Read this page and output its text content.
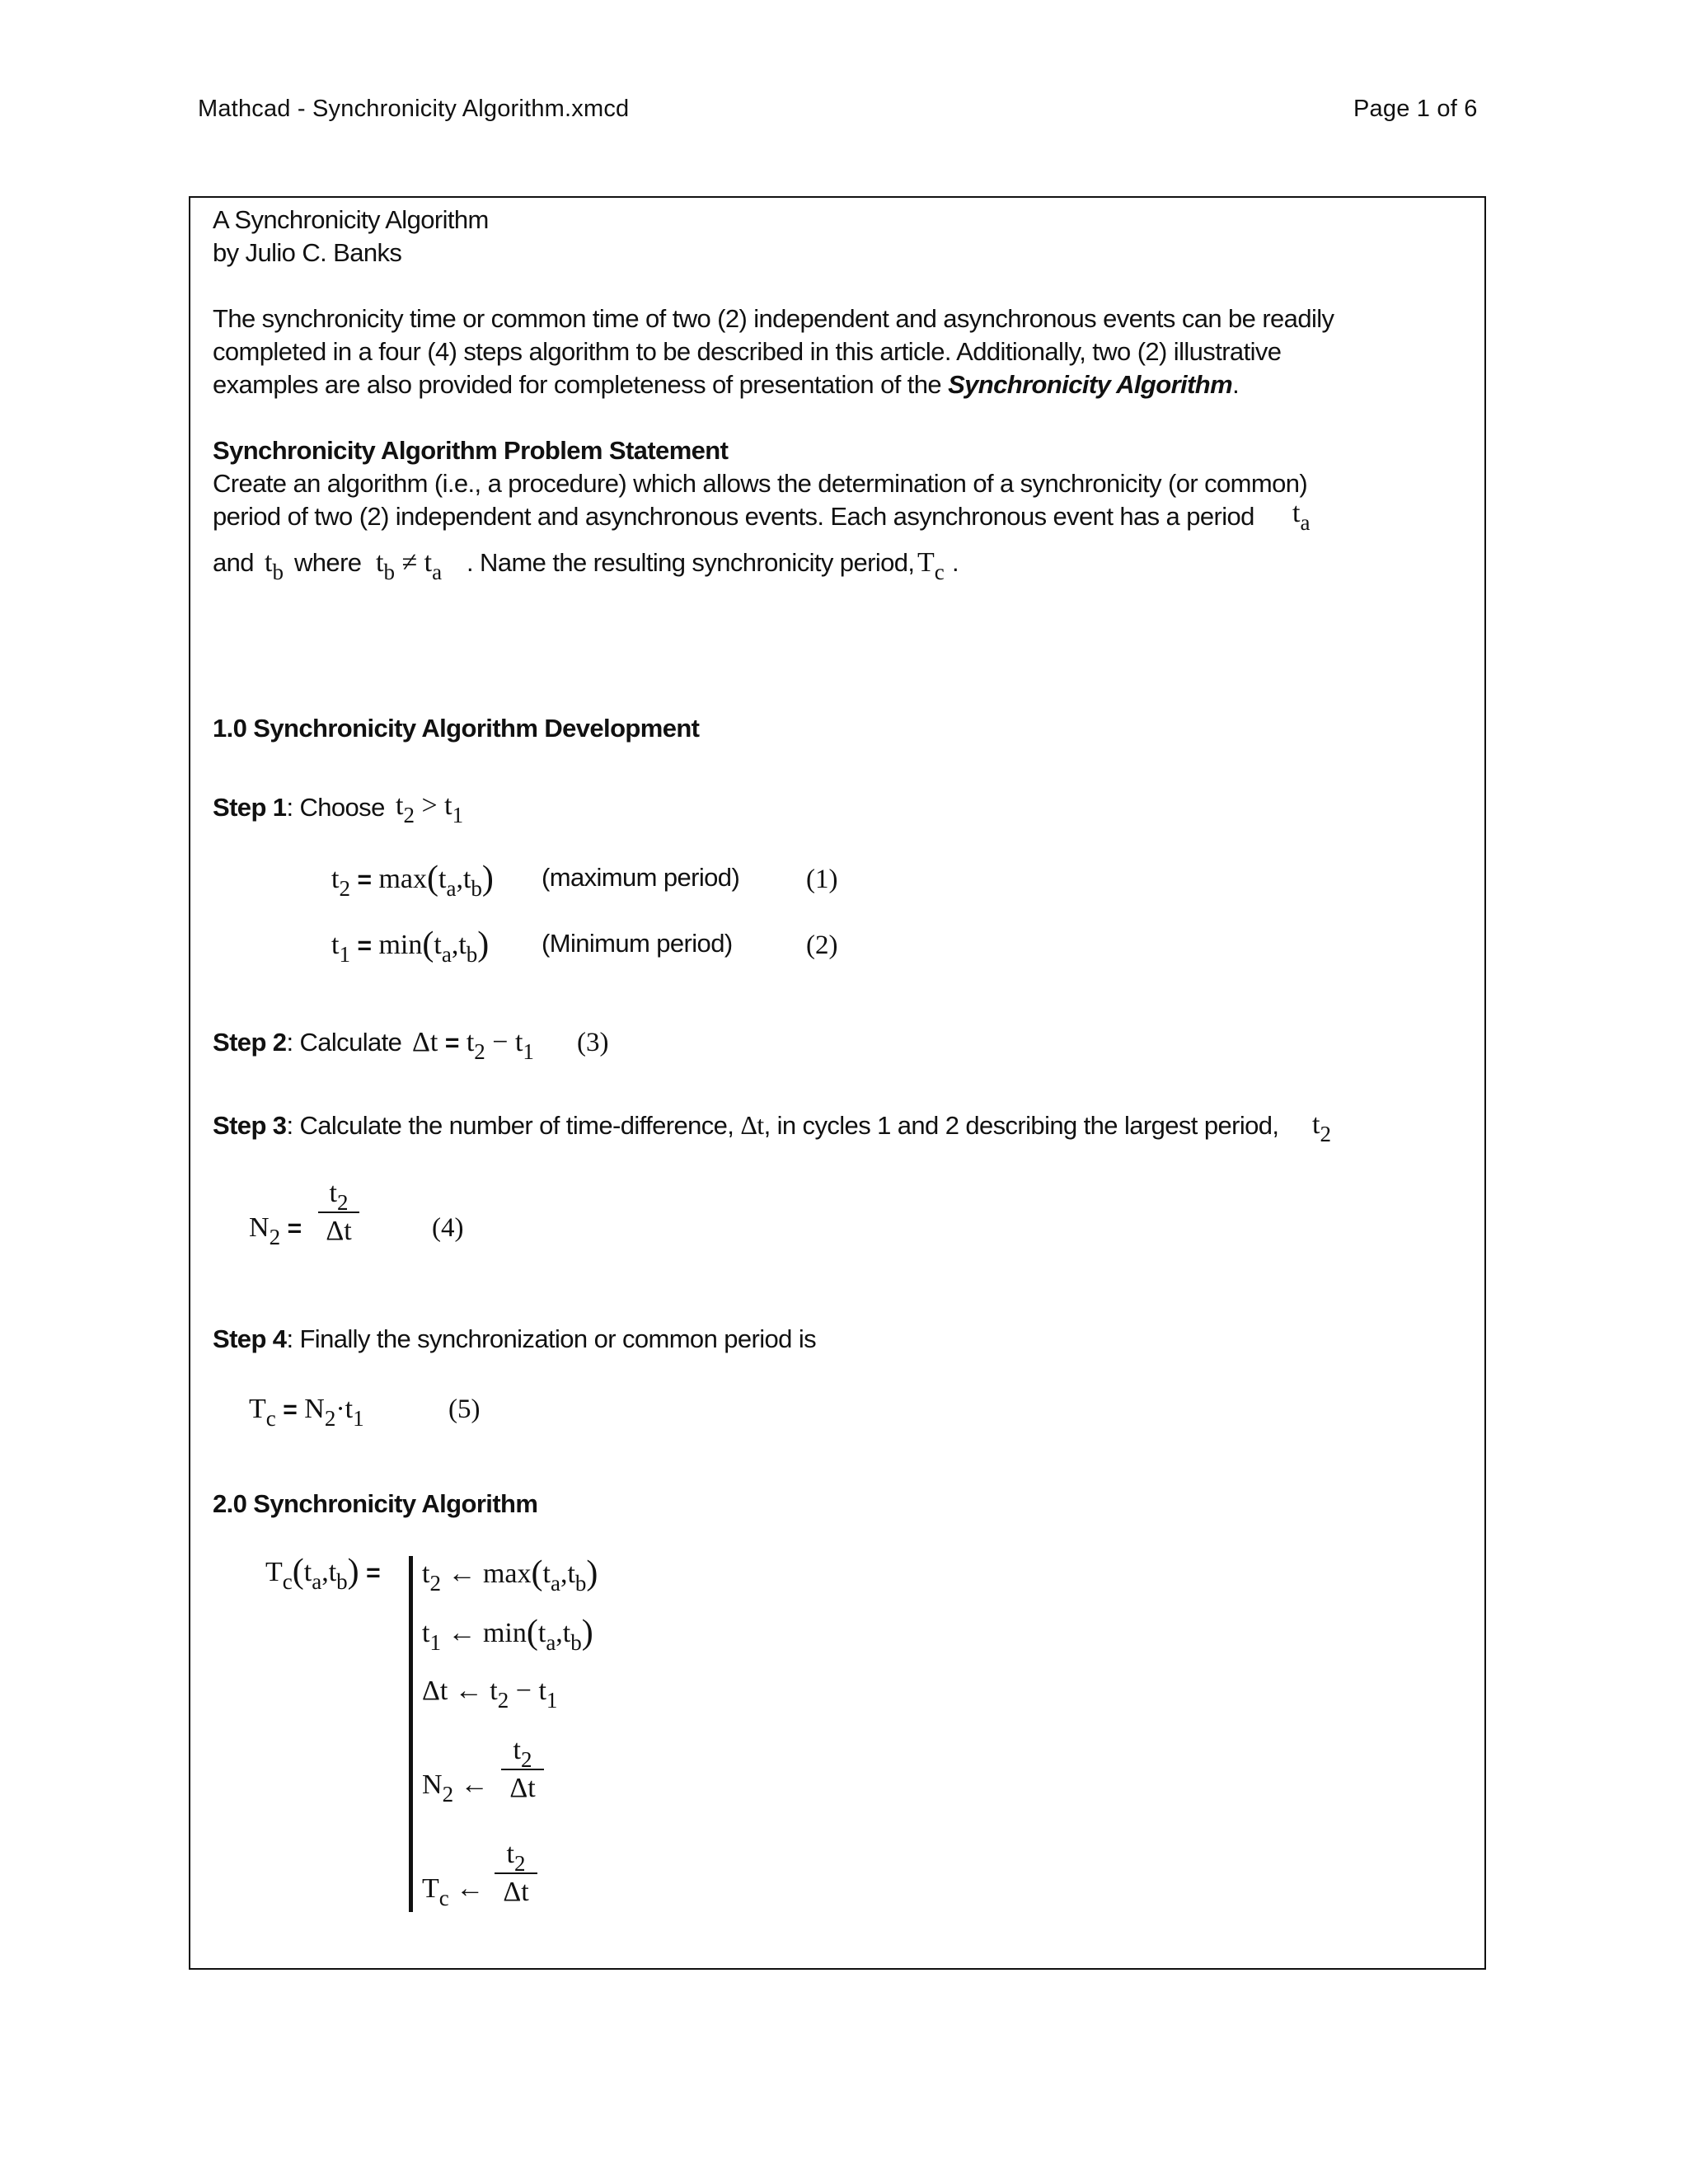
Mathcad - Synchronicity Algorithm.xmcd	Page 1 of 6
A Synchronicity Algorithm
by Julio C. Banks
The synchronicity time or common time of two (2) independent and asynchronous events can be readily
completed in a four (4) steps algorithm to be described in this article. Additionally, two (2) illustrative
examples are also provided for completeness of presentation of the Synchronicity Algorithm.
Synchronicity Algorithm Problem Statement
Create an algorithm (i.e., a procedure) which allows the determination of a synchronicity (or common)
period of two (2) independent and asynchronous events. Each asynchronous event has a period $t_a$
and $t_b$ where $t_b \ne t_a$ . Name the resulting synchronicity period, $T_c$ .
1.0 Synchronicity Algorithm Development
Step 1: Choose $t_2 > t_1$
$t_2 = \max(t_a,t_b)$ (maximum period) (1)
$t_1 = \min(t_a,t_b)$ (Minimum period)	(2)
Step 2: Calculate $\Delta t = t_2 - t_1$ (3)
Step 3: Calculate the number of time-difference, Δt, in cycles 1 and 2 describing the largest period, $t_2$
$N_2$ =
$t_2$
Δt	(4)
Step 4: Finally the synchronization or common period is
$T_c = N_2\cdot t_1$	(5)
2.0 Synchronicity Algorithm
$T_c(t_a,t_b) = t_2$ ← $\max(t_a,t_b)$
$t_1$ ← $\min(t_a,t_b)$
Δt ← $t_2 - t_1$
$N_2$ ←
$t_2$
Δt
$T_c$ ←
$t_2$
Δt
